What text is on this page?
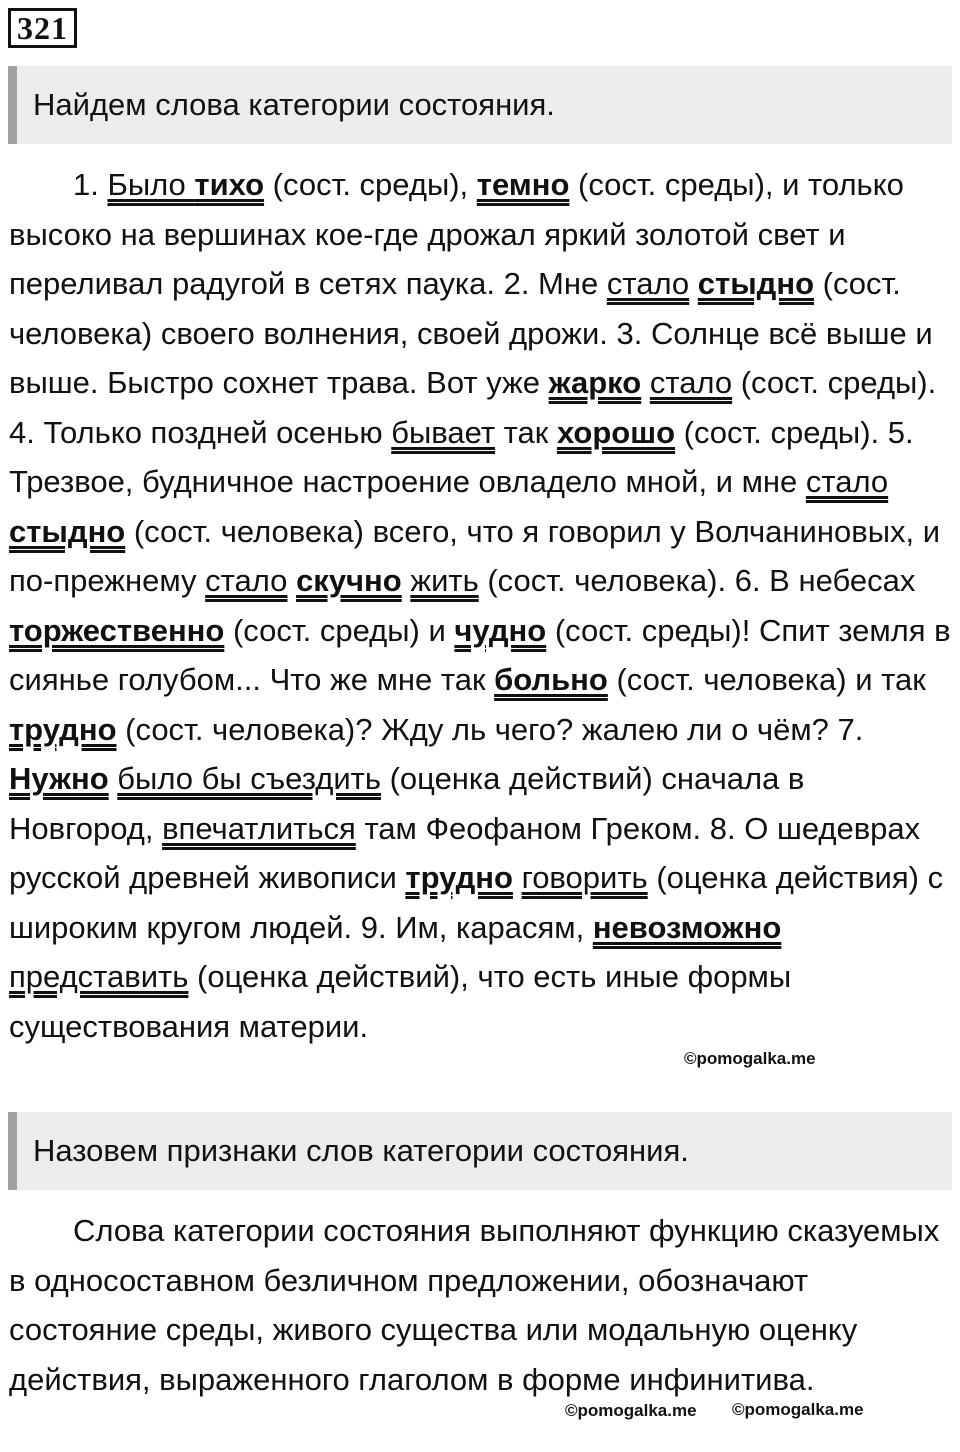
321
Найдем слова категории состояния.

1. Было тихо (сост. среды), темно (сост. среды), и только высоко на вершинах кое-где дрожал яркий золотой свет и переливал радугой в сетях паука. 2. Мне стало стыдно (сост. человека) своего волнения, своей дрожи. 3. Солнце всё выше и выше. Быстро сохнет трава. Вот уже жарко стало (сост. среды). 4. Только поздней осенью бывает так хорошо (сост. среды). 5. Трезвое, будничное настроение овладело мной, и мне стало стыдно (сост. человека) всего, что я говорил у Волчаниновых, и по-прежнему стало скучно жить (сост. человека). 6. В небесах торжественно (сост. среды) и чудно (сост. среды)! Спит земля в сиянье голубом... Что же мне так больно (сост. человека) и так трудно (сост. человека)? Жду ль чего? жалею ли о чём? 7. Нужно было бы съездить (оценка действий) сначала в Новгород, впечатлиться там Феофаном Греком. 8. О шедеврах русской древней живописи трудно говорить (оценка действия) с широким кругом людей. 9. Им, карасям, невозможно представить (оценка действий), что есть иные формы существования материи.

©pomogalka.me
Назовем признаки слов категории состояния.

Слова категории состояния выполняют функцию сказуемых в односоставном безличном предложении, обозначают состояние среды, живого существа или модальную оценку действия, выраженного глаголом в форме инфинитива.

©pomogalka.me ©pomogalka.me
